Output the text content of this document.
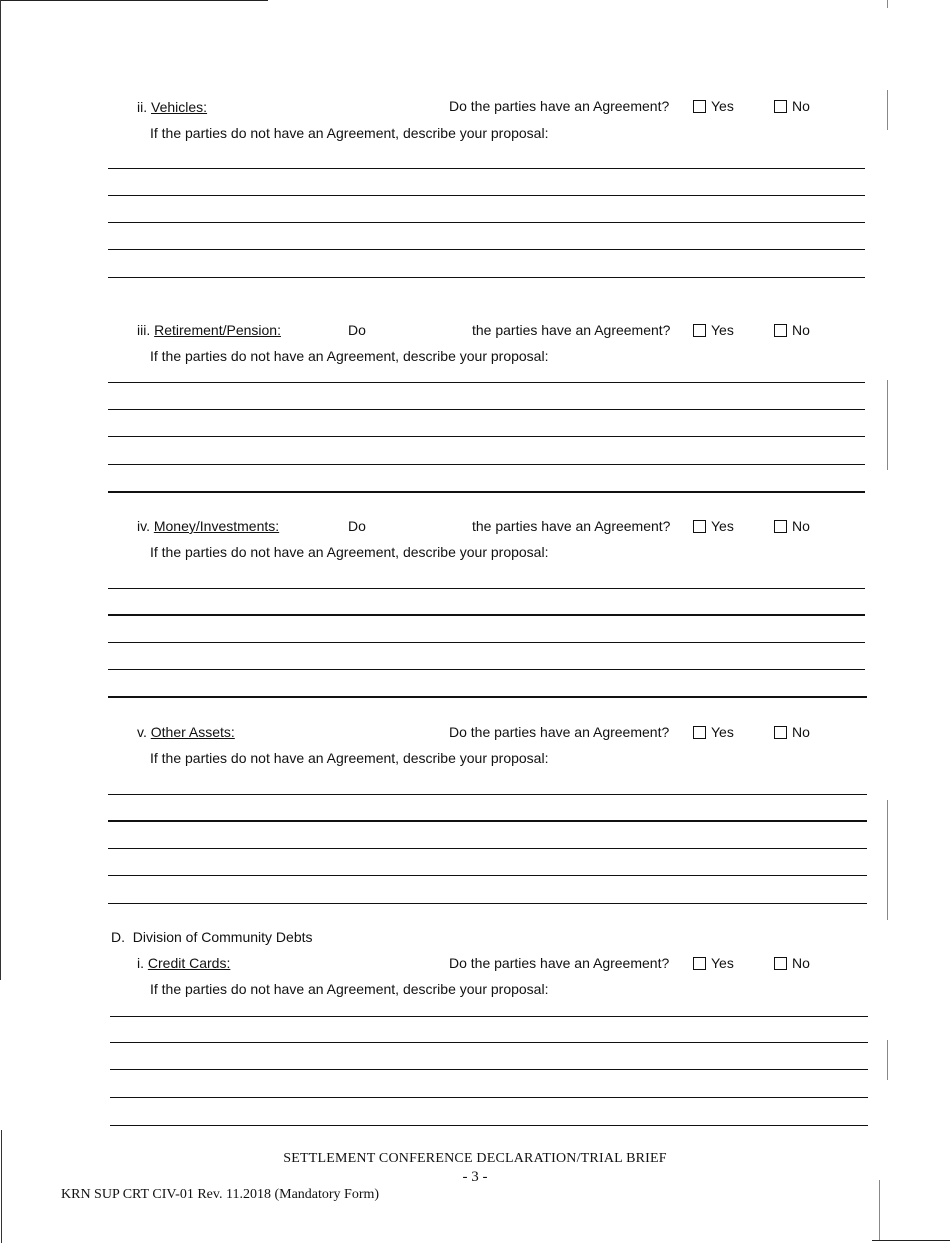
ii. Vehicles:	Do the parties have an Agreement?	Yes	No
If the parties do not have an Agreement, describe your proposal:
iii. Retirement/Pension:	Do	the parties have an Agreement?	Yes	No
If the parties do not have an Agreement, describe your proposal:
iv. Money/Investments:	Do	the parties have an Agreement?	Yes	No
If the parties do not have an Agreement, describe your proposal:
v. Other Assets:	Do the parties have an Agreement?	Yes	No
If the parties do not have an Agreement, describe your proposal:
D. Division of Community Debts
i. Credit Cards:	Do the parties have an Agreement?	Yes	No
If the parties do not have an Agreement, describe your proposal:
SETTLEMENT CONFERENCE DECLARATION/TRIAL BRIEF
- 3 -
KRN SUP CRT CIV-01 Rev. 11.2018 (Mandatory Form)
